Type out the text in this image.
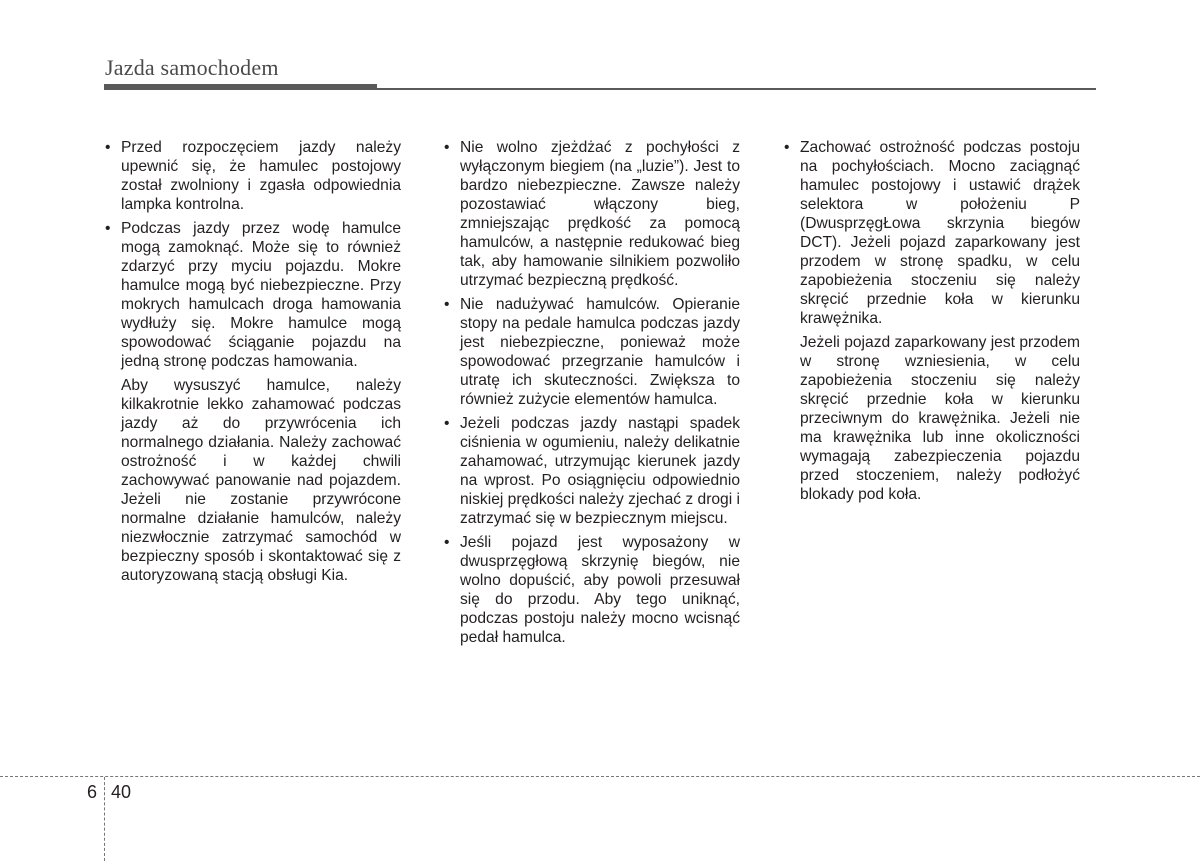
Jazda samochodem
• Przed rozpoczęciem jazdy należy upewnić się, że hamulec postojowy został zwolniony i zgasła odpowiednia lampka kontrolna.
• Podczas jazdy przez wodę hamulce mogą zamoknąć. Może się to również zdarzyć przy myciu pojazdu. Mokre hamulce mogą być niebezpieczne. Przy mokrych hamulcach droga hamowania wydłuży się. Mokre hamulce mogą spowodować ściąganie pojazdu na jedną stronę podczas hamowania.

Aby wysuszyć hamulce, należy kilkakrotnie lekko zahamować podczas jazdy aż do przywrócenia ich normalnego działania. Należy zachować ostrożność i w każdej chwili zachowywać panowanie nad pojazdem. Jeżeli nie zostanie przywrócone normalne działanie hamulców, należy niezwłocznie zatrzymać samochód w bezpieczny sposób i skontaktować się z autoryzowaną stacją obsługi Kia.

• Nie wolno zjeżdżać z pochyłości z wyłączonym biegiem (na „luzie”). Jest to bardzo niebezpieczne. Zawsze należy pozostawiać włączony bieg, zmniejszając prędkość za pomocą hamulców, a następnie redukować bieg tak, aby hamowanie silnikiem pozwoliło utrzymać bezpieczną prędkość.
• Nie nadużywać hamulców. Opieranie stopy na pedale hamulca podczas jazdy jest niebezpieczne, ponieważ może spowodować przegrzanie hamulców i utratę ich skuteczności. Zwiększa to również zużycie elementów hamulca.
• Jeżeli podczas jazdy nastąpi spadek ciśnienia w ogumieniu, należy delikatnie zahamować, utrzymując kierunek jazdy na wprost. Po osiągnięciu odpowiednio niskiej prędkości należy zjechać z drogi i zatrzymać się w bezpiecznym miejscu.
• Jeśli pojazd jest wyposażony w dwusprzęgłową skrzynię biegów, nie wolno dopuścić, aby powoli przesuwał się do przodu. Aby tego uniknąć, podczas postoju należy mocno wcisnąć pedał hamulca.
• Zachować ostrożność podczas postoju na pochyłościach. Mocno zaciągnąć hamulec postojowy i ustawić drążek selektora w położeniu P (DwusprzęgŁowa skrzynia biegów DCT). Jeżeli pojazd zaparkowany jest przodem w stronę spadku, w celu zapobieżenia stoczeniu się należy skręcić przednie koła w kierunku krawężnika.

Jeżeli pojazd zaparkowany jest przodem w stronę wzniesienia, w celu zapobieżenia stoczeniu się należy skręcić przednie koła w kierunku przeciwnym do krawężnika. Jeżeli nie ma krawężnika lub inne okoliczności wymagają zabezpieczenia pojazdu przed stoczeniem, należy podłożyć blokady pod koła.

6 40
